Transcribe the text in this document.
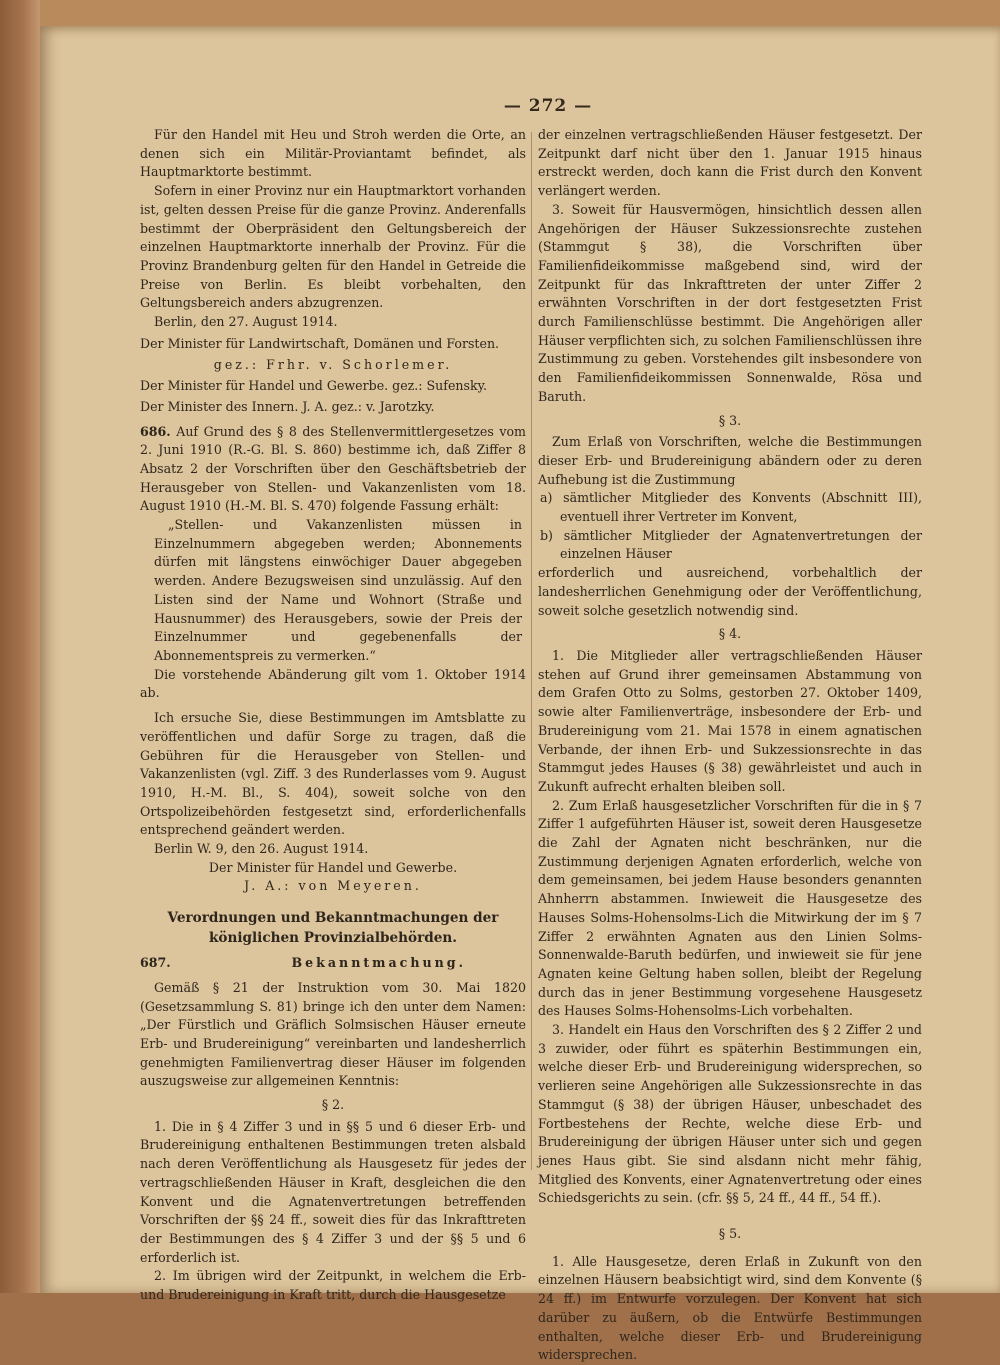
— 272 —

Für den Handel mit Heu und Stroh werden die Orte, an denen sich ein Militär-Proviantamt befindet, als Hauptmarktorte bestimmt.

Sofern in einer Provinz nur ein Hauptmarktort vorhanden ist, gelten dessen Preise für die ganze Provinz. Anderenfalls bestimmt der Oberpräsident den Geltungsbereich der einzelnen Hauptmarktorte innerhalb der Provinz. Für die Provinz Brandenburg gelten für den Handel in Getreide die Preise von Berlin. Es bleibt vorbehalten, den Geltungsbereich anders abzugrenzen.

Berlin, den 27. August 1914.

Der Minister für Landwirtschaft, Domänen und Forsten.

gez.: Frhr. v. Schorlemer.

Der Minister für Handel und Gewerbe. gez.: Sufensky.

Der Minister des Innern. J. A. gez.: v. Jarotzky.

686. Auf Grund des § 8 des Stellenvermittlergesetzes vom 2. Juni 1910 (R.-G. Bl. S. 860) bestimme ich, daß Ziffer 8 Absatz 2 der Vorschriften über den Geschäftsbetrieb der Herausgeber von Stellen- und Vakanzenlisten vom 18. August 1910 (H.-M. Bl. S. 470) folgende Fassung erhält:

„Stellen- und Vakanzenlisten müssen in Einzelnummern abgegeben werden; Abonnements dürfen mit längstens einwöchiger Dauer abgegeben werden. Andere Bezugsweisen sind unzulässig. Auf den Listen sind der Name und Wohnort (Straße und Hausnummer) des Herausgebers, sowie der Preis der Einzelnummer und gegebenenfalls der Abonnementspreis zu vermerken.“

Die vorstehende Abänderung gilt vom 1. Oktober 1914 ab.

Ich ersuche Sie, diese Bestimmungen im Amtsblatte zu veröffentlichen und dafür Sorge zu tragen, daß die Gebühren für die Herausgeber von Stellen- und Vakanzenlisten (vgl. Ziff. 3 des Runderlasses vom 9. August 1910, H.-M. Bl., S. 404), soweit solche von den Ortspolizeibehörden festgesetzt sind, erforderlichenfalls entsprechend geändert werden.

Berlin W. 9, den 26. August 1914.

Der Minister für Handel und Gewerbe.

J. A.: von Meyeren.

Verordnungen und Bekanntmachungen der königlichen Provinzialbehörden.

687.	Bekanntmachung.

Gemäß § 21 der Instruktion vom 30. Mai 1820 (Gesetzsammlung S. 81) bringe ich den unter dem Namen: „Der Fürstlich und Gräflich Solmsischen Häuser erneute Erb- und Brudereinigung“ vereinbarten und landesherrlich genehmigten Familienvertrag dieser Häuser im folgenden auszugsweise zur allgemeinen Kenntnis:

§ 2.

1. Die in § 4 Ziffer 3 und in §§ 5 und 6 dieser Erb- und Brudereinigung enthaltenen Bestimmungen treten alsbald nach deren Veröffentlichung als Hausgesetz für jedes der vertragschließenden Häuser in Kraft, desgleichen die den Konvent und die Agnatenvertretungen betreffenden Vorschriften der §§ 24 ff., soweit dies für das Inkrafttreten der Bestimmungen des § 4 Ziffer 3 und der §§ 5 und 6 erforderlich ist.

2. Im übrigen wird der Zeitpunkt, in welchem die Erb- und Brudereinigung in Kraft tritt, durch die Hausgesetze

der einzelnen vertragschließenden Häuser festgesetzt. Der Zeitpunkt darf nicht über den 1. Januar 1915 hinaus erstreckt werden, doch kann die Frist durch den Konvent verlängert werden.

3. Soweit für Hausvermögen, hinsichtlich dessen allen Angehörigen der Häuser Sukzessionsrechte zustehen (Stammgut § 38), die Vorschriften über Familienfideikommisse maßgebend sind, wird der Zeitpunkt für das Inkrafttreten der unter Ziffer 2 erwähnten Vorschriften in der dort festgesetzten Frist durch Familienschlüsse bestimmt. Die Angehörigen aller Häuser verpflichten sich, zu solchen Familienschlüssen ihre Zustimmung zu geben. Vorstehendes gilt insbesondere von den Familienfideikommissen Sonnenwalde, Rösa und Baruth.

§ 3.

Zum Erlaß von Vorschriften, welche die Bestimmungen dieser Erb- und Brudereinigung abändern oder zu deren Aufhebung ist die Zustimmung

a) sämtlicher Mitglieder des Konvents (Abschnitt III), eventuell ihrer Vertreter im Konvent,

b) sämtlicher Mitglieder der Agnatenvertretungen der einzelnen Häuser

erforderlich und ausreichend, vorbehaltlich der landesherrlichen Genehmigung oder der Veröffentlichung, soweit solche gesetzlich notwendig sind.

§ 4.

1. Die Mitglieder aller vertragschließenden Häuser stehen auf Grund ihrer gemeinsamen Abstammung von dem Grafen Otto zu Solms, gestorben 27. Oktober 1409, sowie alter Familienverträge, insbesondere der Erb- und Brudereinigung vom 21. Mai 1578 in einem agnatischen Verbande, der ihnen Erb- und Sukzessionsrechte in das Stammgut jedes Hauses (§ 38) gewährleistet und auch in Zukunft aufrecht erhalten bleiben soll.

2. Zum Erlaß hausgesetzlicher Vorschriften für die in § 7 Ziffer 1 aufgeführten Häuser ist, soweit deren Hausgesetze die Zahl der Agnaten nicht beschränken, nur die Zustimmung derjenigen Agnaten erforderlich, welche von dem gemeinsamen, bei jedem Hause besonders genannten Ahnherrn abstammen. Inwieweit die Hausgesetze des Hauses Solms-Hohensolms-Lich die Mitwirkung der im § 7 Ziffer 2 erwähnten Agnaten aus den Linien Solms-Sonnenwalde-Baruth bedürfen, und inwieweit sie für jene Agnaten keine Geltung haben sollen, bleibt der Regelung durch das in jener Bestimmung vorgesehene Hausgesetz des Hauses Solms-Hohensolms-Lich vorbehalten.

3. Handelt ein Haus den Vorschriften des § 2 Ziffer 2 und 3 zuwider, oder führt es späterhin Bestimmungen ein, welche dieser Erb- und Brudereinigung widersprechen, so verlieren seine Angehörigen alle Sukzessionsrechte in das Stammgut (§ 38) der übrigen Häuser, unbeschadet des Fortbestehens der Rechte, welche diese Erb- und Brudereinigung der übrigen Häuser unter sich und gegen jenes Haus gibt. Sie sind alsdann nicht mehr fähig, Mitglied des Konvents, einer Agnatenvertretung oder eines Schiedsgerichts zu sein. (cfr. §§ 5, 24 ff., 44 ff., 54 ff.).

§ 5.

1. Alle Hausgesetze, deren Erlaß in Zukunft von den einzelnen Häusern beabsichtigt wird, sind dem Konvente (§ 24 ff.) im Entwurfe vorzulegen. Der Konvent hat sich darüber zu äußern, ob die Entwürfe Bestimmungen enthalten, welche dieser Erb- und Brudereinigung widersprechen.
